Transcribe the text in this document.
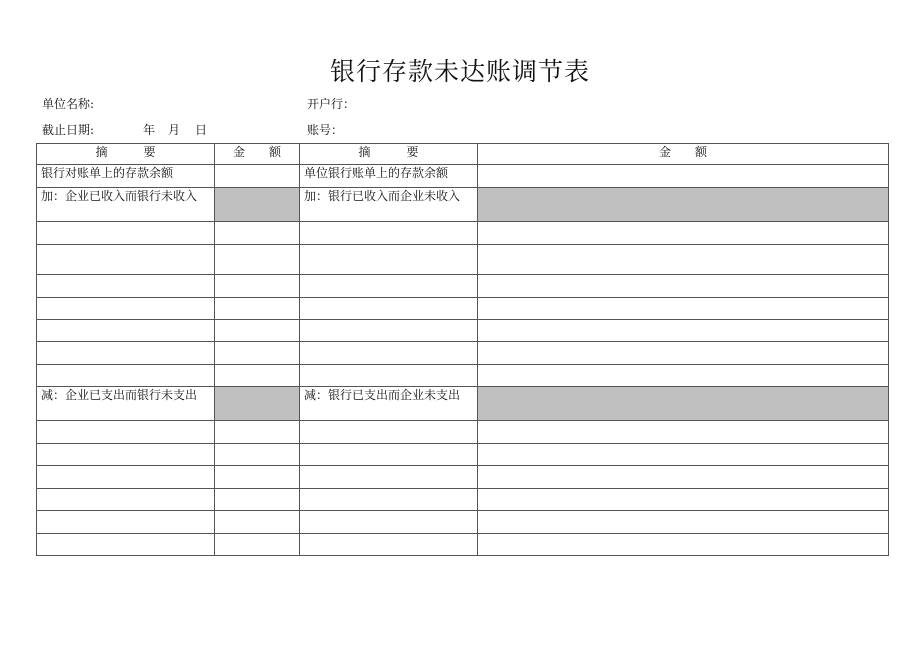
银行存款未达账调节表
单位名称:	开户行：
截止日期:	年 月 日	账号：
摘　　　要	金　　额	摘　　　要	金　　额
银行对账单上的存款余额		单位银行账单上的存款余额	
加：企业已收入而银行未收入		加：银行已收入而企业未收入	

减：企业已支出而银行未支出		减：银行已支出而企业未支出	
